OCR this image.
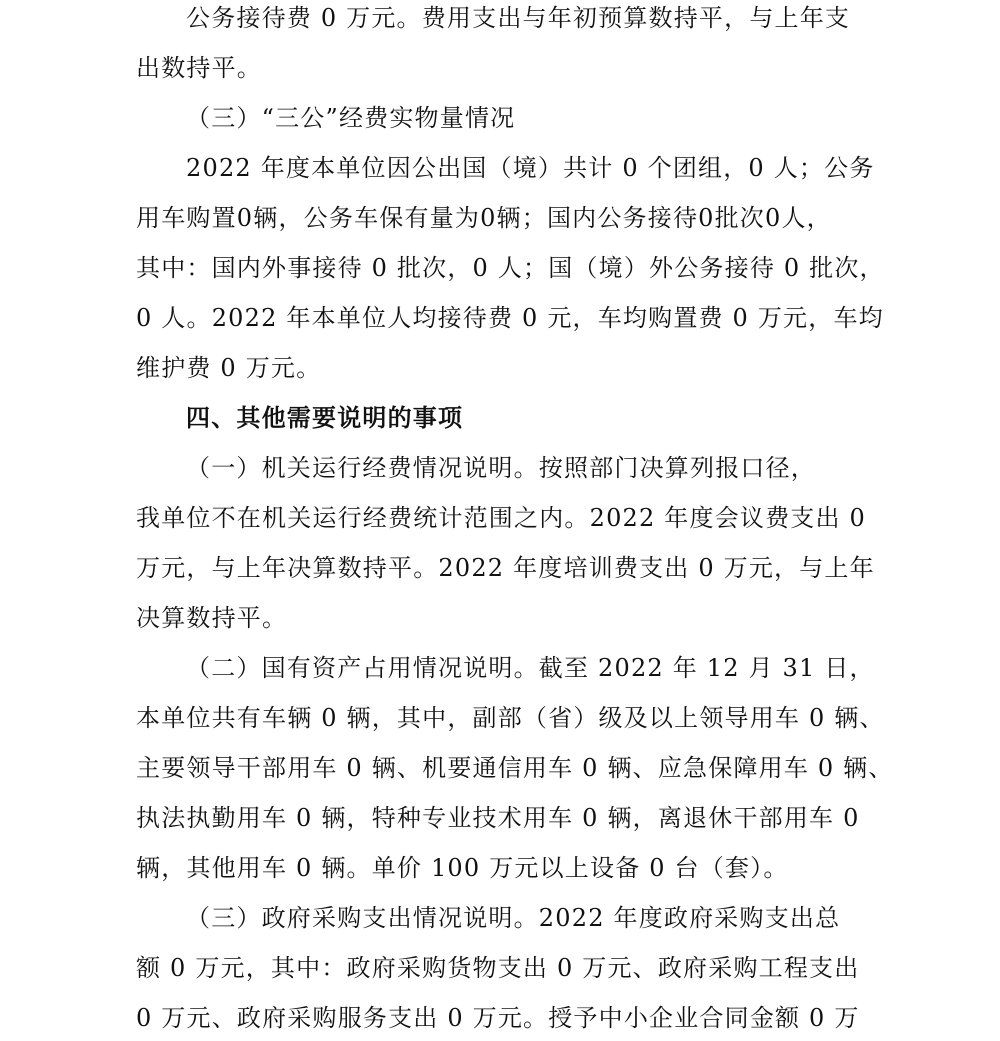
公务接待费 0 万元。费用支出与年初预算数持平，与上年支
出数持平。
（三）“三公”经费实物量情况
2022 年度本单位因公出国（境）共计 0 个团组，0 人；公务
用车购置0辆，公务车保有量为0辆；国内公务接待0批次0人，
其中：国内外事接待 0 批次，0 人；国（境）外公务接待 0 批次，
0 人。2022 年本单位人均接待费 0 元，车均购置费 0 万元，车均
维护费 0 万元。
四、其他需要说明的事项
（一）机关运行经费情况说明。按照部门决算列报口径，
我单位不在机关运行经费统计范围之内。2022 年度会议费支出 0
万元，与上年决算数持平。2022 年度培训费支出 0 万元，与上年
决算数持平。
（二）国有资产占用情况说明。截至 2022 年 12 月 31 日，
本单位共有车辆 0 辆，其中，副部（省）级及以上领导用车 0 辆、
主要领导干部用车 0 辆、机要通信用车 0 辆、应急保障用车 0 辆、
执法执勤用车 0 辆，特种专业技术用车 0 辆，离退休干部用车 0
辆，其他用车 0 辆。单价 100 万元以上设备 0 台（套）。
（三）政府采购支出情况说明。2022 年度政府采购支出总
额 0 万元，其中：政府采购货物支出 0 万元、政府采购工程支出
0 万元、政府采购服务支出 0 万元。授予中小企业合同金额 0 万
